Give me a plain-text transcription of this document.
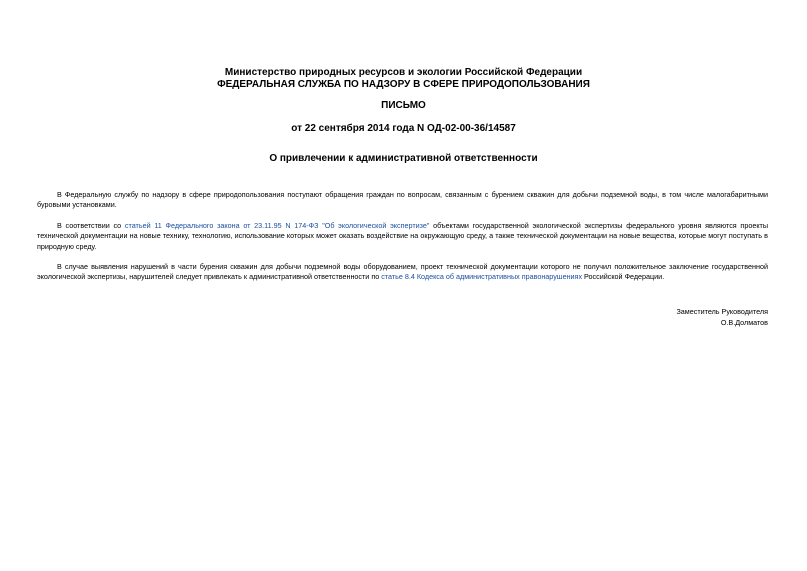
Министерство природных ресурсов и экологии Российской Федерации
ФЕДЕРАЛЬНАЯ СЛУЖБА ПО НАДЗОРУ В СФЕРЕ ПРИРОДОПОЛЬЗОВАНИЯ
ПИСЬМО
от 22 сентября 2014 года N ОД-02-00-36/14587
О привлечении к административной ответственности

В Федеральную службу по надзору в сфере природопользования поступают обращения граждан по вопросам, связанным с бурением скважин для добычи подземной воды, в том числе малогабаритными буровыми установками.

В соответствии со статьей 11 Федерального закона от 23.11.95 N 174-ФЗ "Об экологической экспертизе" объектами государственной экологической экспертизы федерального уровня являются проекты технической документации на новые технику, технологию, использование которых может оказать воздействие на окружающую среду, а также технической документации на новые вещества, которые могут поступать в природную среду.

В случае выявления нарушений в части бурения скважин для добычи подземной воды оборудованием, проект технической документации которого не получил положительное заключение государственной экологической экспертизы, нарушителей следует привлекать к административной ответственности по статье 8.4 Кодекса об административных правонарушениях Российской Федерации.

Заместитель Руководителя
О.В.Долматов
